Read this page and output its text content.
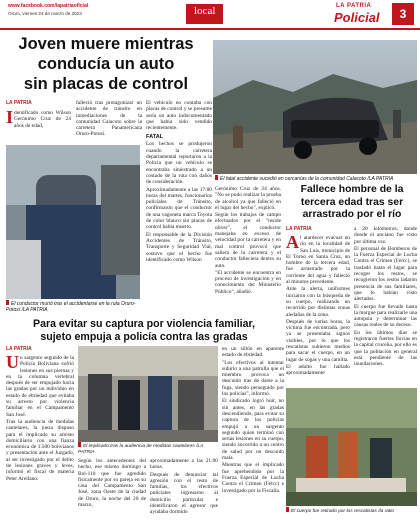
www.facebook.com/lapatriaoficial
Oruro, viernes 24 de marzo de 2023	local	LA PATRIA
Policial	3
Joven muere mientras
conducía un auto
sin placas de control
El fatal accidente sucedió en cercanías de la comunidad Calacoto /LA PATRIA
LA PATRIA
Identificado como Wilson Gerónimo Cruz de 24 años de edad,
El conductor murió tras el accidentarse en la ruta Oruro-Potosí /LA PATRIA
falleció tras protagonizar un accidente de tránsito en inmediaciones de la comunidad Calacoto sobre la carretera Panamericana Oruro-Potosí.
El vehículo no contaba con placas de control y se presume sería un auto indocumentado que había sido vendido recientemente.
FATAL
Los hechos se produjeron cuando la carretera departamental reportaron a la Policía que un vehículo se encontraba siniestrado a un costado de la ruta con daños de consideración.
Aproximadamente a las 17:00 horas del martes, funcionarios policiales de Tránsito, confirmaron que el conductor de una vagoneta marca Toyota de color blanco sin placas de control había muerto.
El responsable de la División Accidentes de Tránsito, Transporte y Seguridad Vial, sostuvo que el hecho fue identificado como Wilson
Gerónimo Cruz de 24 años. "No se pudo realizar la prueba de alcohol ya que falleció en el lugar del hecho", explicó.
Según los trabajos de campo efectuados por el "reside oliver", el conductor manejaba en exceso de velocidad por la carretera y en mal control provocó que saliera de la carretera y el conductor falleciera dentro su auto.
"El accidente se encuentra en proceso de investigación y en conocimiento del Ministerio Público", añadió.
Fallece hombre de la
tercera edad tras ser
arrastrado por el río
LA PATRIA
Al atardecer evacuar un río en la localidad de San Luis, municipio de El Torno en Santa Cruz, un hombre de la tercera edad, fue arrastrado por la corriente del agua y falleció al minutos precedente.
Ante la alerta, uniformes iniciaron con la búsqueda de su cuerpo, realizando un recorrido por distintas zonas aledañas de la zona.
Después de varias horas, la víctima fue encontrada, pero ya se presentaba signos visibles, por lo que los rescatistas subieron medios para sacar el cuerpo, en un lugar de sogas y una camilla.
El adulto fue hallado aproximadamente
a 20 kilómetros, donde donde el anciano fue visto por última vez.
El personal de Bomberos de la Fuerza Especial de Lucha Contra el Crimen (Felcc), se trasladó hasta el lugar para recoger los restos, se recogieron los restos ladaron presencia de sus familiares, que lo habían visto alertados.
El cuerpo fue llevado hasta la morgue para realizarle una autopsia y determinar las causas reales de su deceso.
En los últimos días se registraron fuertes lluvias en la capital cruceña, por ello es que la población en general está pendiente de las inundaciones.
El cuerpo fue retirado por los rescatistas /la ratio
Para evitar su captura por violencia familiar,
sujeto empuja a policía contra las gradas
LA PATRIA
Un sargento segundo de la Policía Boliviana sufrió lesiones en sus piernas y en la columna vertebral después de ser empujado hacia las gradas por un individuo en estado de ebriedad que evitaba su arresto por violencia familiar en el Campamento San José.
Tras la audiencia de medidas cautelares, la jueza dispuso para el implicado su arresto domiciliario con una fianza económica de 1.500 bolivianos y presentación ante el Juzgado, al ser investigado por el delito de lesiones graves y leves, informó el fiscal de materia Peter Arellano.
El implicado tras la audiencia de medidas cautelares /LA PATRIA
Según los antecedentes del hecho, ese mismo domingo a Bol-110 que fue agredido físicamente por su pareja en su casa del Campamento San José, zona Oeste de la ciudad de Oruro, la noche del 20 de marzo,
aproximadamente a las 21:00 horas.
Después de denunciar tal agresión con el resto de familias, los efectivos policiales ingresaron al domicilio particular e identificaron el agresor que ayudaba dormido
en un sillón en aparente estado de ebriedad.
"Los efectivos al intentar subirlo a una patrulla que el miembro provoca un descuido tras de darse a la fuga, siendo perseguido por los policías", informó.
El sindicado logró huir, no sin antes, en las gradas descendiendo, para evitar su captura de los policías empujó a un sargento segundo quien terminó con serias lesiones en su cuerpo, siendo socorrido a un centro de salud por un descuido mala.
Mientras que el implicado fue aprehendido por la Fuerza Especial de Lucha Contra el Crimen (Felcc) e investigado por la Fiscalía.
